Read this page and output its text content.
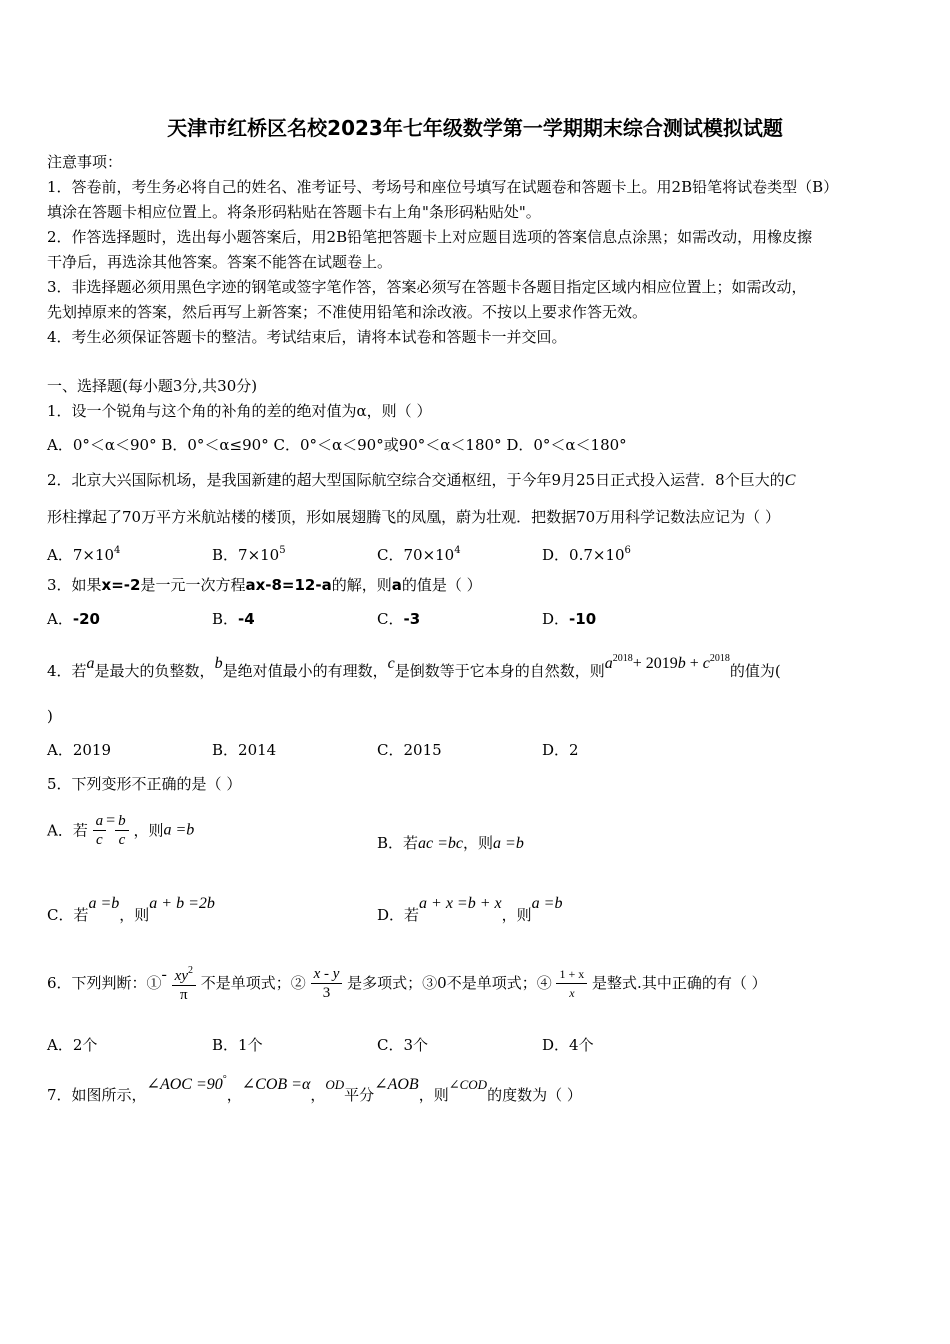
天津市红桥区名校2023年七年级数学第一学期期末综合测试模拟试题
注意事项：
1．答卷前，考生务必将自己的姓名、准考证号、考场号和座位号填写在试题卷和答题卡上。用2B铅笔将试卷类型（B）
填涂在答题卡相应位置上。将条形码粘贴在答题卡右上角"条形码粘贴处"。
2．作答选择题时，选出每小题答案后，用2B铅笔把答题卡上对应题目选项的答案信息点涂黑；如需改动，用橡皮擦
干净后，再选涂其他答案。答案不能答在试题卷上。
3．非选择题必须用黑色字迹的钢笔或签字笔作答，答案必须写在答题卡各题目指定区域内相应位置上；如需改动，
先划掉原来的答案，然后再写上新答案；不准使用铅笔和涂改液。不按以上要求作答无效。
4．考生必须保证答题卡的整洁。考试结束后，请将本试卷和答题卡一并交回。
一、选择题(每小题3分,共30分)
1．设一个锐角与这个角的补角的差的绝对值为α，则（ ）
A．0°＜α＜90° B．0°＜α≤90° C．0°＜α＜90°或90°＜α＜180° D．0°＜α＜180°
2．北京大兴国际机场，是我国新建的超大型国际航空综合交通枢纽，于今年9月25日正式投入运营．8个巨大的C
形柱撑起了70万平方米航站楼的楼顶，形如展翅腾飞的凤凰，蔚为壮观．把数据70万用科学记数法应记为（ ）
A．$7\times 10^4$	B．$7\times 10^5$	C．$70\times 10^4$	D．$0.7\times 10^6$
3．如果x=-2是一元一次方程ax-8=12-a的解，则a的值是（ ）
A．-20	B．-4	C．-3	D．-10
4．若a是最大的负整数，b是绝对值最小的有理数，c是倒数等于它本身的自然数，则$a^{2018}+ 2019b + c^{2018}$的值为(
)
A．2019	B．2014	C．2015	D．2
5．下列变形不正确的是（ ）
A．若 $\frac{a}{c} = \frac{b}{c}$ ，则a =b
B．若ac =bc，则a =b
C．若a =b，则a + b =2b
D．若a + x =b + x，则a =b
6．下列判断：①- $\frac{xy^2}{\pi}$ 不是单项式；② $\frac{x - y}{3}$ 是多项式；③0不是单项式；④ $\frac{1 + x}{x}$ 是整式.其中正确的有（ ）
A．2个	B．1个	C．3个	D．4个
7．如图所示，∠AOC =90°，∠COB =α，OD平分∠AOB，则∠COD的度数为（ ）
